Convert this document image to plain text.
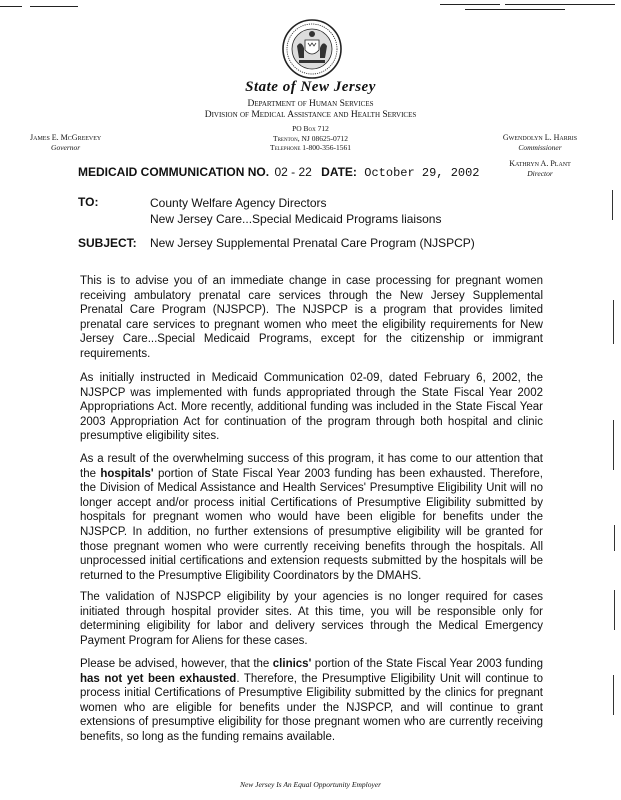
State of New Jersey
Department of Human Services
Division of Medical Assistance and Health Services
PO Box 712
Trenton, NJ 08625-0712
Telephone 1-800-356-1561
James E. McGreevey
Governor
Gwendolyn L. Harris
Commissioner
Kathryn A. Plant
Director
MEDICAID COMMUNICATION NO. 02 - 22 DATE: October 29, 2002
TO:	County Welfare Agency Directors
New Jersey Care...Special Medicaid Programs liaisons
SUBJECT: New Jersey Supplemental Prenatal Care Program (NJSPCP)
This is to advise you of an immediate change in case processing for pregnant women receiving ambulatory prenatal care services through the New Jersey Supplemental Prenatal Care Program (NJSPCP). The NJSPCP is a program that provides limited prenatal care services to pregnant women who meet the eligibility requirements for New Jersey Care...Special Medicaid Programs, except for the citizenship or immigrant requirements.
As initially instructed in Medicaid Communication 02-09, dated February 6, 2002, the NJSPCP was implemented with funds appropriated through the State Fiscal Year 2002 Appropriations Act. More recently, additional funding was included in the State Fiscal Year 2003 Appropriation Act for continuation of the program through both hospital and clinic presumptive eligibility sites.
As a result of the overwhelming success of this program, it has come to our attention that the hospitals' portion of State Fiscal Year 2003 funding has been exhausted. Therefore, the Division of Medical Assistance and Health Services' Presumptive Eligibility Unit will no longer accept and/or process initial Certifications of Presumptive Eligibility submitted by hospitals for pregnant women who would have been eligible for benefits under the NJSPCP. In addition, no further extensions of presumptive eligibility will be granted for those pregnant women who were currently receiving benefits through the hospitals. All unprocessed initial certifications and extension requests submitted by the hospitals will be returned to the Presumptive Eligibility Coordinators by the DMAHS.
The validation of NJSPCP eligibility by your agencies is no longer required for cases initiated through hospital provider sites. At this time, you will be responsible only for determining eligibility for labor and delivery services through the Medical Emergency Payment Program for Aliens for these cases.
Please be advised, however, that the clinics' portion of the State Fiscal Year 2003 funding has not yet been exhausted. Therefore, the Presumptive Eligibility Unit will continue to process initial Certifications of Presumptive Eligibility submitted by the clinics for pregnant women who are eligible for benefits under the NJSPCP, and will continue to grant extensions of presumptive eligibility for those pregnant women who are currently receiving benefits, so long as the funding remains available.
New Jersey Is An Equal Opportunity Employer
